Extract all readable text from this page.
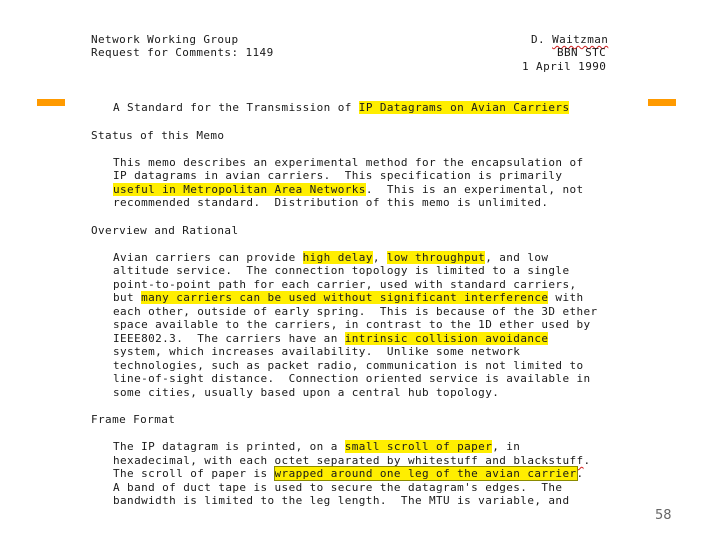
Network Working Group
Request for Comments: 1149
D. Waitzman
BBN STC
1 April 1990
A Standard for the Transmission of IP Datagrams on Avian Carriers
Status of this Memo
This memo describes an experimental method for the encapsulation of
IP datagrams in avian carriers.  This specification is primarily
useful in Metropolitan Area Networks.  This is an experimental, not
recommended standard.  Distribution of this memo is unlimited.
Overview and Rational
Avian carriers can provide high delay, low throughput, and low
altitude service.  The connection topology is limited to a single
point-to-point path for each carrier, used with standard carriers,
but many carriers can be used without significant interference with
each other, outside of early spring.  This is because of the 3D ether
space available to the carriers, in contrast to the 1D ether used by
IEEE802.3.  The carriers have an intrinsic collision avoidance
system, which increases availability.  Unlike some network
technologies, such as packet radio, communication is not limited to
line-of-sight distance.  Connection oriented service is available in
some cities, usually based upon a central hub topology.
Frame Format
The IP datagram is printed, on a small scroll of paper, in
hexadecimal, with each octet separated by whitestuff and blackstuff.
The scroll of paper is wrapped around one leg of the avian carrier.
A band of duct tape is used to secure the datagram's edges.  The
bandwidth is limited to the leg length.  The MTU is variable, and
58
